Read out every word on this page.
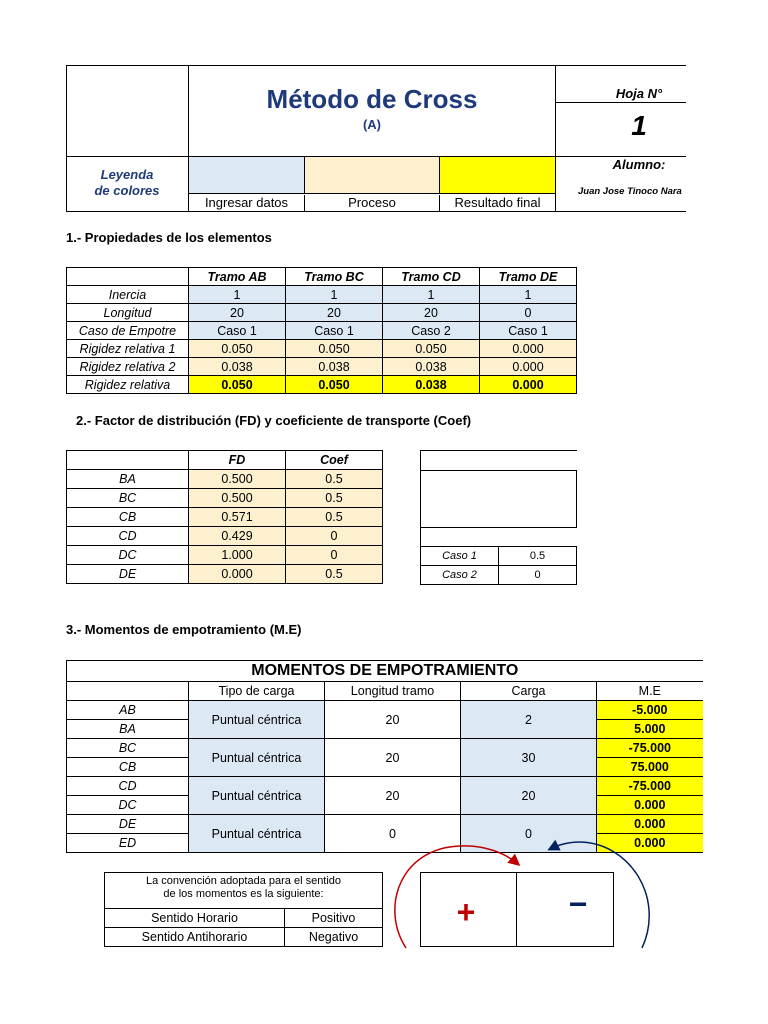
Método de Cross
(A)
Hoja N°
1
Alumno:
Juan Jose Tinoco Nara
Leyenda
de colores
Ingresar datos	Proceso	Resultado final
1.- Propiedades de los elementos
	Tramo AB	Tramo BC	Tramo CD	Tramo DE
Inercia	1	1	1	1
Longitud	20	20	20	0
Caso de Empotre	Caso 1	Caso 1	Caso 2	Caso 1
Rigidez relativa 1	0.050	0.050	0.050	0.000
Rigidez relativa 2	0.038	0.038	0.038	0.000
Rigidez relativa	0.050	0.050	0.038	0.000
2.- Factor de distribución (FD) y coeficiente de transporte (Coef)
	FD	Coef
BA	0.500	0.5
BC	0.500	0.5
CB	0.571	0.5
CD	0.429	0
DC	1.000	0
DE	0.000	0.5

Caso 1	0.5
Caso 2	0
3.- Momentos de empotramiento (M.E)
MOMENTOS DE EMPOTRAMIENTO				
	Tipo de carga	Longitud tramo	Carga	M.E
AB	Puntual céntrica	20	2	-5.000
BA				5.000
BC	Puntual céntrica	20	30	-75.000
CB				75.000
CD	Puntual céntrica	20	20	-75.000
DC				0.000
DE	Puntual céntrica	0	0	0.000
ED				0.000
La convención adoptada para el sentido
de los momentos es la siguiente:	

Sentido Horario	Positivo
Sentido Antihorario	Negativo
+	−
